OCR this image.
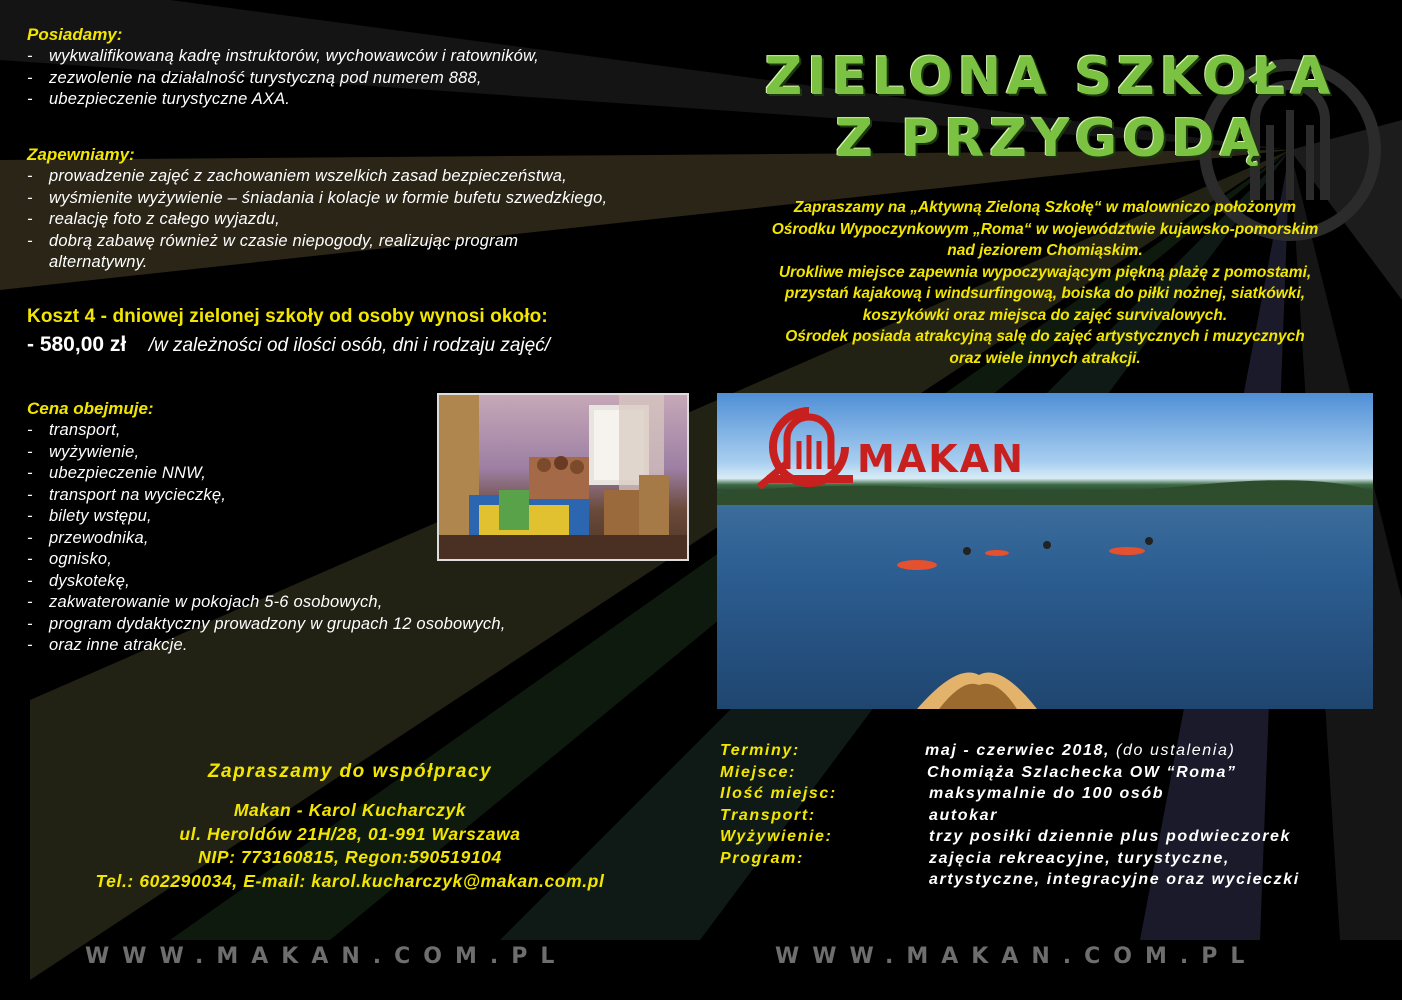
Posiadamy:

- wykwalifikowaną kadrę instruktorów, wychowawców i ratowników,
- zezwolenie na działalność turystyczną pod numerem 888,
- ubezpieczenie turystyczne AXA.

Zapewniamy:

- prowadzenie zajęć z zachowaniem wszelkich zasad bezpieczeństwa,
- wyśmienite wyżywienie – śniadania i kolacje w formie bufetu szwedzkiego,
- realację foto z całego wyjazdu,
- dobrą zabawę również w czasie niepogody, realizując program alternatywny.
Koszt 4 - dniowej zielonej szkoły od osoby wynosi około:
- 580,00 zł /w zależności od ilości osób, dni i rodzaju zajęć/

Cena obejmuje:

- transport,
- wyżywienie,
- ubezpieczenie NNW,
- transport na wycieczkę,
- bilety wstępu,
- przewodnika,
- ognisko,
- dyskotekę,
- zakwaterowanie w pokojach 5-6 osobowych,
- program dydaktyczny prowadzony w grupach 12 osobowych,
- oraz inne atrakcje.
ZIELONA SZKOŁA
Z PRZYGODĄ

Zapraszamy na „Aktywną Zieloną Szkołę“ w malowniczo położonym

Ośrodku Wypoczynkowym „Roma“ w województwie kujawsko-pomorskim

nad jeziorem Chomiąskim.

Urokliwe miejsce zapewnia wypoczywającym piękną plażę z pomostami,

przystań kajakową i windsurfingową, boiska do piłki nożnej, siatkówki,

koszykówki oraz miejsca do zajęć survivalowych.

Ośrodek posiada atrakcyjną salę do zajęć artystycznych i muzycznych

oraz wiele innych atrakcji.

MAKAN
Zapraszamy do współpracy
Makan - Karol Kucharczyk
ul. Heroldów 21H/28, 01-991 Warszawa
NIP: 773160815, Regon:590519104
Tel.: 602290034, E-mail: karol.kucharczyk@makan.com.pl
Terminy:	maj - czerwiec 2018, (do ustalenia)
Miejsce:	Chomiąża Szlachecka OW “Roma”
Ilość miejsc:	maksymalnie do 100 osób
Transport:	autokar
Wyżywienie:	trzy posiłki dziennie plus podwieczorek
Program:	zajęcia rekreacyjne, turystyczne,
artystyczne, integracyjne oraz wycieczki
WWW.MAKAN.COM.PL	WWW.MAKAN.COM.PL
